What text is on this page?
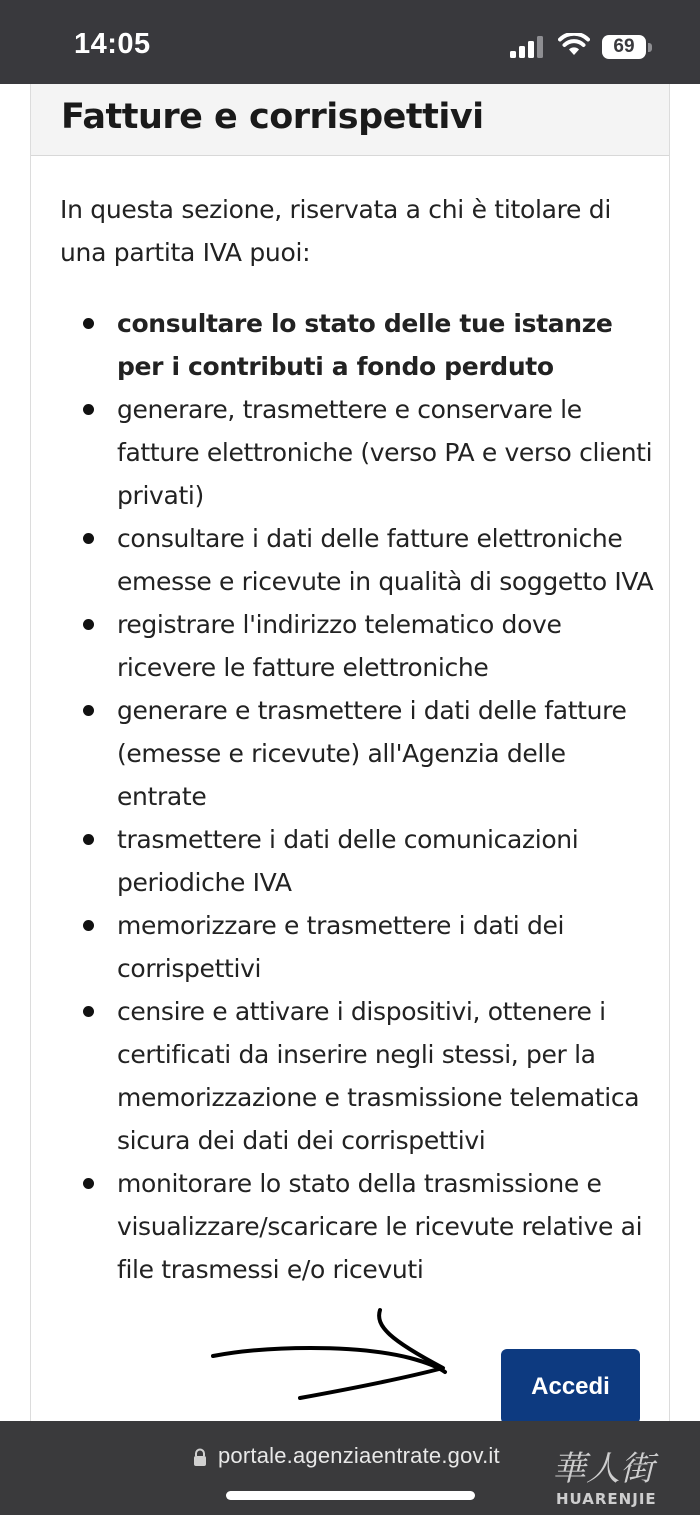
14:05	69
Fatture e corrispettivi

In questa sezione, riservata a chi è titolare di una partita IVA puoi:

consultare lo stato delle tue istanze per i contributi a fondo perduto
generare, trasmettere e conservare le fatture elettroniche (verso PA e verso clienti privati)
consultare i dati delle fatture elettroniche emesse e ricevute in qualità di soggetto IVA
registrare l'indirizzo telematico dove ricevere le fatture elettroniche
generare e trasmettere i dati delle fatture (emesse e ricevute) all'Agenzia delle entrate
trasmettere i dati delle comunicazioni periodiche IVA
memorizzare e trasmettere i dati dei corrispettivi
censire e attivare i dispositivi, ottenere i certificati da inserire negli stessi, per la memorizzazione e trasmissione telematica sicura dei dati dei corrispettivi
monitorare lo stato della trasmissione e visualizzare/scaricare le ricevute relative ai file trasmessi e/o ricevuti
Accedi
portale.agenziaentrate.gov.it 華人街
HUARENJIE
